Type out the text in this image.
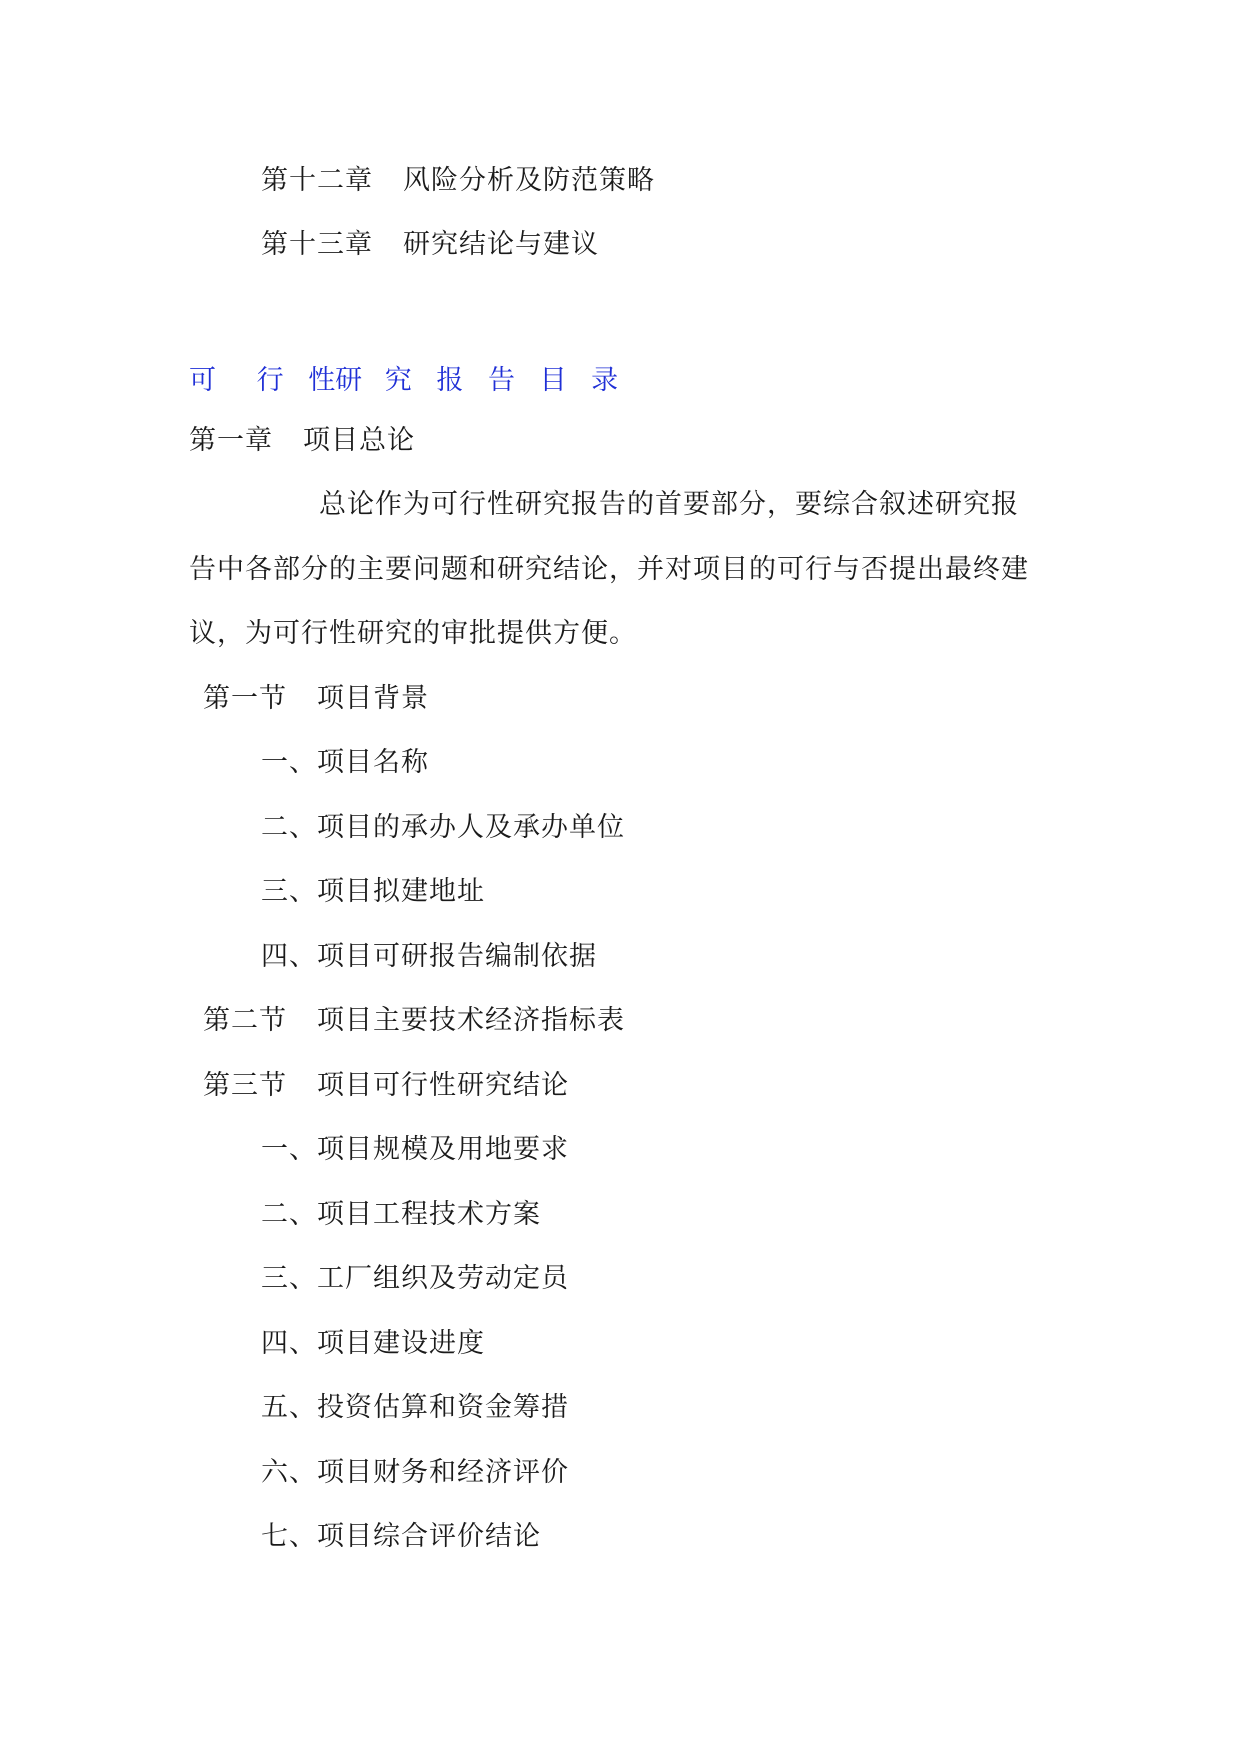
第十二章 风险分析及防范策略
第十三章 研究结论与建议
可 行 性研 究 报 告 目 录
第一章 项目总论
总论作为可行性研究报告的首要部分，要综合叙述研究报
告中各部分的主要问题和研究结论，并对项目的可行与否提出最终建
议，为可行性研究的审批提供方便。
第一节 项目背景
一、项目名称
二、项目的承办人及承办单位
三、项目拟建地址
四、项目可研报告编制依据
第二节 项目主要技术经济指标表
第三节 项目可行性研究结论
一、项目规模及用地要求
二、项目工程技术方案
三、工厂组织及劳动定员
四、项目建设进度
五、投资估算和资金筹措
六、项目财务和经济评价
七、项目综合评价结论
